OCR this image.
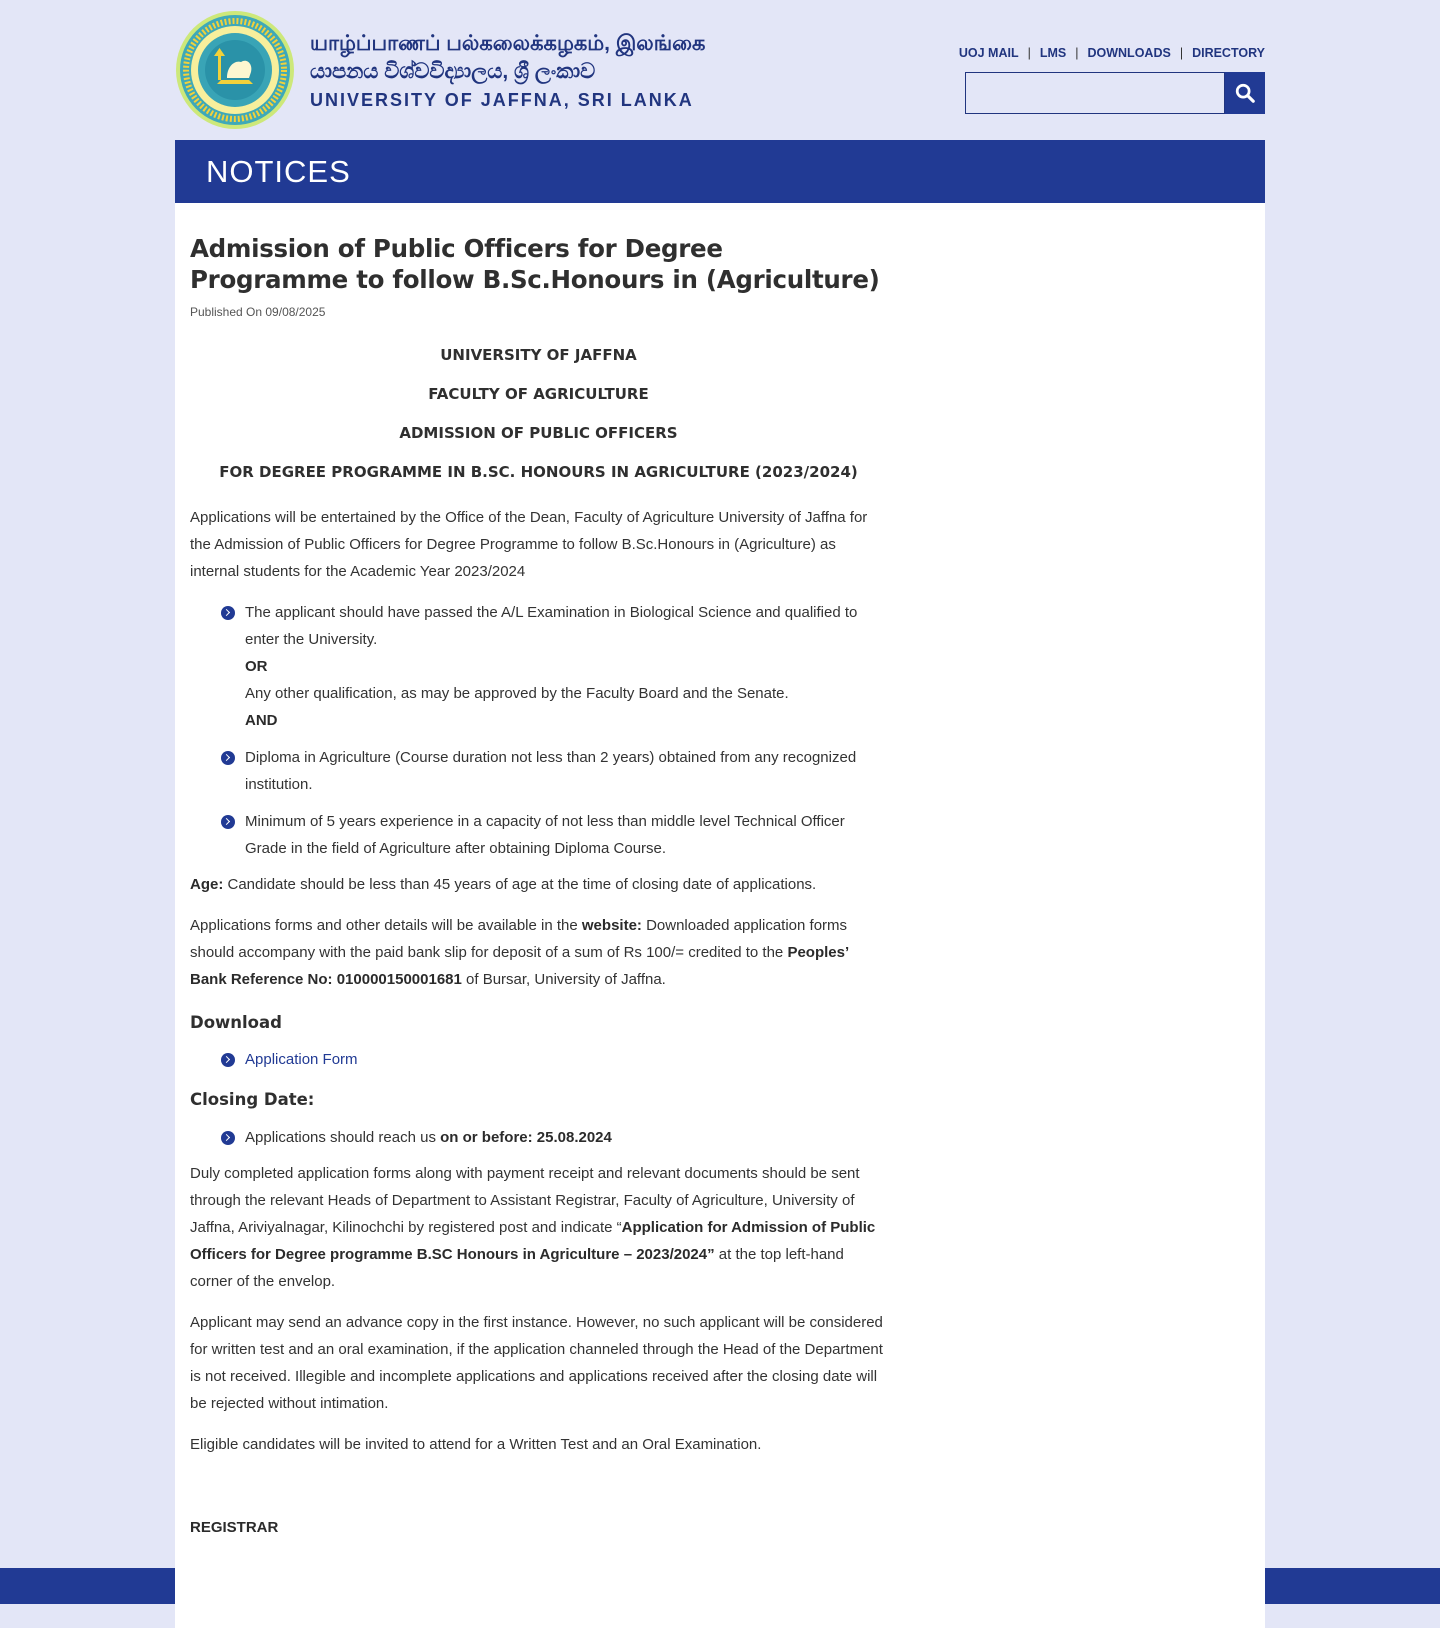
யாழ்ப்பாணப் பல்கலைக்கழகம், இலங்கை
යාපනය විශ්වවිද්‍යාලය, ශ්‍රී ලංකාව
UNIVERSITY OF JAFFNA, SRI LANKA
UOJ MAIL | LMS | DOWNLOADS | DIRECTORY
NOTICES
Admission of Public Officers for Degree Programme to follow B.Sc.Honours in (Agriculture)
Published On 09/08/2025
UNIVERSITY OF JAFFNA
FACULTY OF AGRICULTURE
ADMISSION OF PUBLIC OFFICERS
FOR DEGREE PROGRAMME IN B.SC. HONOURS IN AGRICULTURE (2023/2024)

Applications will be entertained by the Office of the Dean, Faculty of Agriculture University of Jaffna for the Admission of Public Officers for Degree Programme to follow B.Sc.Honours in (Agriculture) as internal students for the Academic Year 2023/2024

The applicant should have passed the A/L Examination in Biological Science and qualified to enter the University.
OR
Any other qualification, as may be approved by the Faculty Board and the Senate.
AND
Diploma in Agriculture (Course duration not less than 2 years) obtained from any recognized institution.
Minimum of 5 years experience in a capacity of not less than middle level Technical Officer Grade in the field of Agriculture after obtaining Diploma Course.

Age: Candidate should be less than 45 years of age at the time of closing date of applications.

Applications forms and other details will be available in the website: Downloaded application forms should accompany with the paid bank slip for deposit of a sum of Rs 100/= credited to the Peoples’ Bank Reference No: 010000150001681 of Bursar, University of Jaffna.

Download
Application Form
Closing Date:
Applications should reach us on or before: 25.08.2024

Duly completed application forms along with payment receipt and relevant documents should be sent through the relevant Heads of Department to Assistant Registrar, Faculty of Agriculture, University of Jaffna, Ariviyalnagar, Kilinochchi by registered post and indicate “Application for Admission of Public Officers for Degree programme B.SC Honours in Agriculture – 2023/2024” at the top left-hand corner of the envelop.

Applicant may send an advance copy in the first instance. However, no such applicant will be considered for written test and an oral examination, if the application channeled through the Head of the Department is not received. Illegible and incomplete applications and applications received after the closing date will be rejected without intimation.

Eligible candidates will be invited to attend for a Written Test and an Oral Examination.

REGISTRAR
